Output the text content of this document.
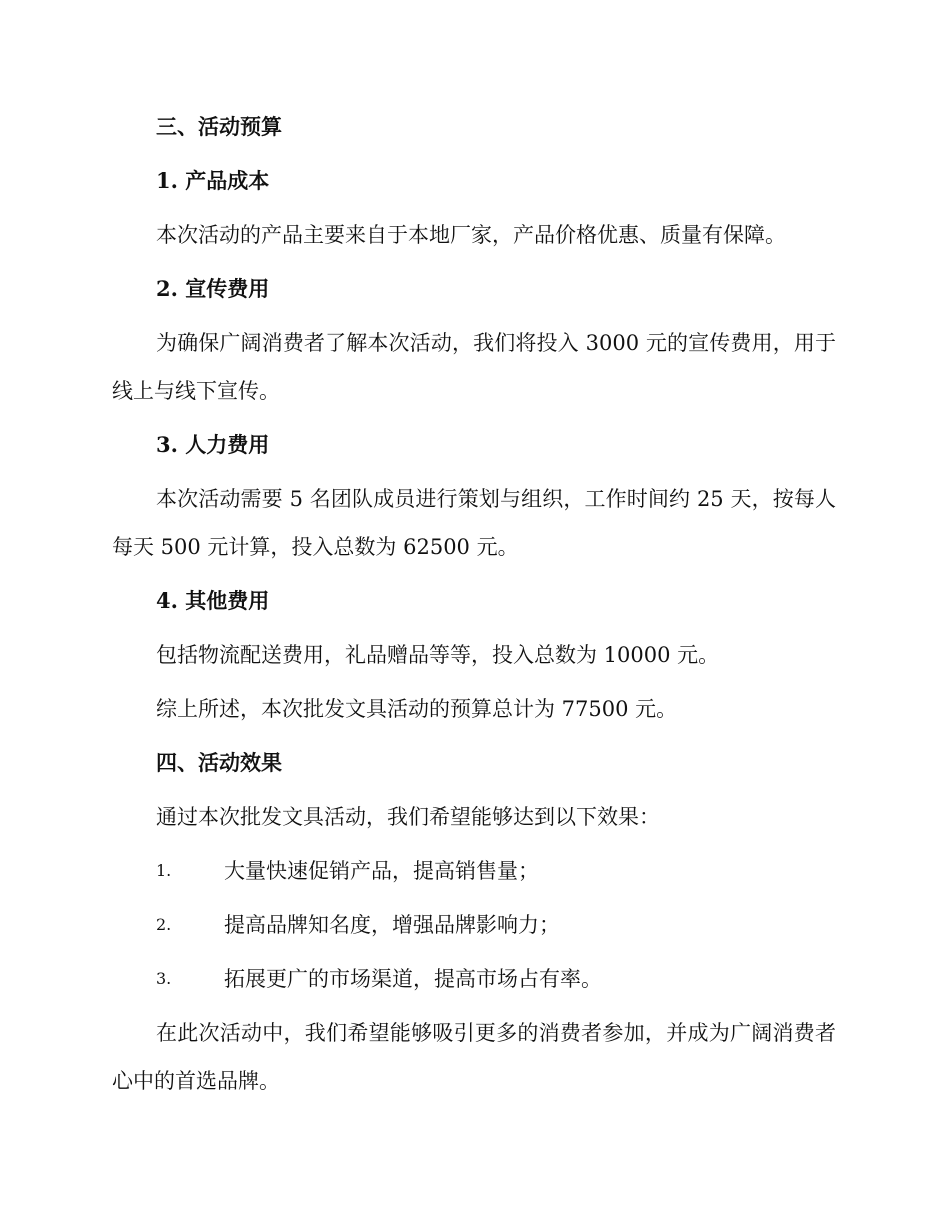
三、活动预算

1. 产品成本

本次活动的产品主要来自于本地厂家，产品价格优惠、质量有保障。

2. 宣传费用

为确保广阔消费者了解本次活动，我们将投入 3000 元的宣传费用，用于线上与线下宣传。

3. 人力费用

本次活动需要 5 名团队成员进行策划与组织，工作时间约 25 天，按每人每天 500 元计算，投入总数为 62500 元。

4. 其他费用

包括物流配送费用，礼品赠品等等，投入总数为 10000 元。

综上所述，本次批发文具活动的预算总计为 77500 元。

四、活动效果

通过本次批发文具活动，我们希望能够达到以下效果：

1.	大量快速促销产品，提高销售量；
2.	提高品牌知名度，增强品牌影响力；
3.	拓展更广的市场渠道，提高市场占有率。

在此次活动中，我们希望能够吸引更多的消费者参加，并成为广阔消费者心中的首选品牌。
